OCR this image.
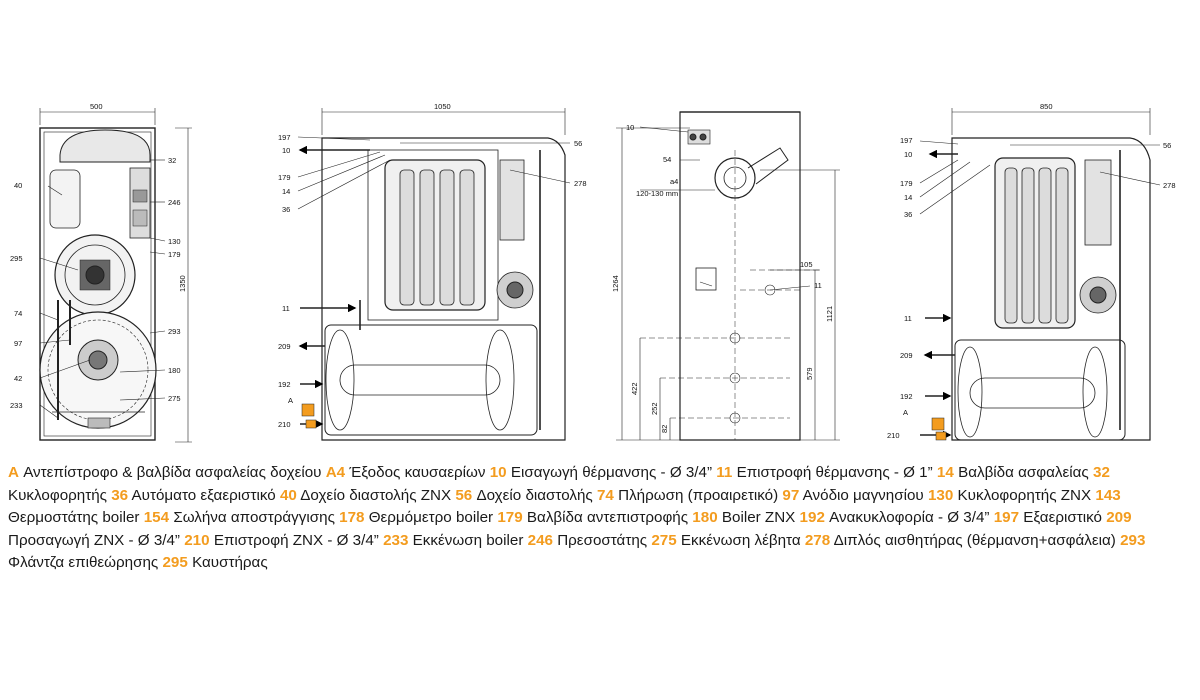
500
1350
32
40
246
130
179
295
74
293
97
42
180
275
233
1050
197
10
179
14
36
56
278
11
209
192
A
210
10
54
a4
120-130 mm
1264
105
11
1121
579
422
252
82
850
197
10
179
14
36
56
278
11
209
192
A
210
A Αντεπίστροφο & βαλβίδα ασφαλείας δοχείου A4 Έξοδος καυσαερίων 10 Εισαγωγή θέρμανσης - Ø 3/4” 11 Επιστροφή θέρμανσης - Ø 1” 14 Βαλβίδα ασφαλείας 32 Κυκλοφορητής 36 Αυτόματο εξαεριστικό 40 Δοχείο διαστολής ZNX 56 Δοχείο διαστολής 74 Πλήρωση (προαιρετικό) 97 Ανόδιο μαγνησίου 130 Κυκλοφορητής ZNX 143 Θερμοστάτης boiler 154 Σωλήνα αποστράγγισης 178 Θερμόμετρο boiler 179 Βαλβίδα αντεπιστροφής 180 Boiler ZNX 192 Ανακυκλοφορία - Ø 3/4” 197 Εξαεριστικό 209 Προσαγωγή ZNX - Ø 3/4” 210 Επιστροφή ZNX - Ø 3/4” 233 Εκκένωση boiler 246 Πρεσοστάτης 275 Εκκένωση λέβητα 278 Διπλός αισθητήρας (θέρμανση+ασφάλεια) 293 Φλάντζα επιθεώρησης 295 Καυστήρας
